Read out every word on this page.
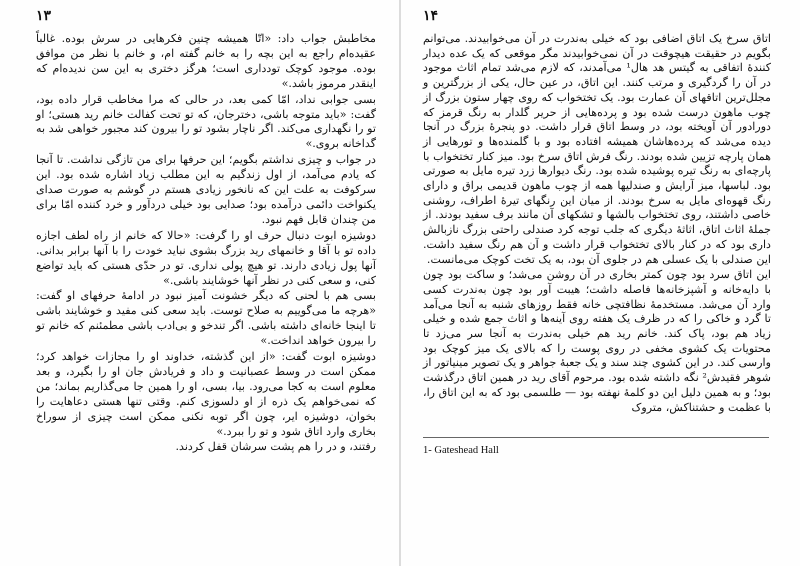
۱۳

مخاطبش جواب داد: «اتّا همیشه چنین فکرهایی در سرش بوده. غالباً عقیده‌ام راجع به این بچه را به خانم گفته ام، و خانم با نظر من موافق بوده. موجود کوچک تودداری است؛ هرگز دختری به این سن ندیده‌ام که اینقدر مرموز باشد.»

بسی جوابی نداد، امّا کمی بعد، در حالی که مرا مخاطب قرار داده بود، گفت: «باید متوجه باشی، دخترجان، که تو تحت کفالت خانم رید هستی؛ او تو را نگهداری می‌کند. اگر ناچار بشود تو را بیرون کند مجبور خواهی شد به گداخانه بروی.»

در جواب و چیزی نداشتم بگویم؛ این حرفها برای من تازگی نداشت. تا آنجا که یادم می‌آمد، از اول زندگیم به این مطلب زیاد اشاره شده بود. این سرکوفت به علت این که نا‌نخور زیادی هستم در گوشم به صورت صدای یکنواخت دائمی درآمده بود؛ صدایی بود خیلی دردآور و خرد کننده امّا برای من چندان قابل فهم نبود.

دوشیزه ابوت دنبال حرف او را گرفت: «حالا که خانم از راه لطف اجازه داده تو با آقا و خانمهای رید بزرگ بشوی نباید خودت را با آنها برابر بدانی. آنها پول زیادی دارند. تو هیچ پولی نداری. تو در حدّی هستی که باید تواضع کنی، و سعی کنی در نظر آنها خوشایند باشی.»

بسی هم با لحنی که دیگر خشونت آمیز نبود در ادامهٔ حرفهای او گفت: «هرچه ما می‌گوییم به صلاح توست. باید سعی کنی مفید و خوشایند باشی تا اینجا خانه‌ای داشته باشی. اگر تندخو و بی‌ادب باشی مطمئنم که خانم تو را بیرون خواهد انداخت.»

دوشیزه ابوت گفت: «از این گذشته، خداوند او را مجازات خواهد کرد؛ ممکن است در وسط عصبانیت و داد و فریادش جان او را بگیرد، و بعد معلوم است به کجا می‌رود. بیا، بسی، او را همین جا می‌گذاریم بماند؛ من که نمی‌خواهم یک ذره از او دلسوزی کنم. وقتی تنها هستی دعاهایت را بخوان، دوشیزه ایر، چون اگر توبه نکنی ممکن است چیزی از سوراخ بخاری وارد اتاق شود و تو را ببرد.»

رفتند، و در را هم پشت سرشان قفل کردند.

۱۴

اتاق سرخ یک اتاق اضافی بود که خیلی به‌ندرت در آن می‌خوابیدند. می‌توانم بگویم در حقیقت هیچوقت در آن نمی‌خوابیدند مگر موقعی که یک عده دیدار کنندهٔ اتفاقی به گیتس هد هال¹ می‌آمدند، که لازم می‌شد تمام اثاث موجود در آن را گردگیری و مرتب کنند. این اتاق، در عین حال، یکی از بزرگترین و مجلل‌ترین اتاقهای آن عمارت بود. یک تختخواب که روی چهار ستون بزرگ از چوب ماهون درست شده بود و پرده‌هایی از حریر گلدار به رنگ قرمز که دورادور آن آویخته بود، در وسط اتاق قرار داشت. دو پنجرهٔ بزرگ در آنجا دیده می‌شد که پرده‌هاشان همیشه افتاده بود و با گلمنده‌ها و تورهایی از همان پارچه تزیین شده بودند. رنگ فرش اتاق سرخ بود. میز کنار تختخواب با پارچه‌ای به رنگ تیره پوشیده شده بود. رنگ دیوارها زرد تیره مایل به صورتی بود. لباسها، میز آرایش و صندلیها همه از چوب ماهون قدیمی براق و دارای رنگ قهوه‌ای مایل به سرخ بودند. از میان این رنگهای تیرهٔ اطراف، روشنی خاصی داشتند، روی تختخواب بالشها و تشکهای آن مانند برف سفید بودند. از جملهٔ اثاث اتاق، اثاثهٔ دیگری که جلب توجه کرد صندلی راحتی بزرگ نازبالش داری بود که در کنار بالای تختخواب قرار داشت و آن هم رنگ سفید داشت. این صندلی با یک عسلی هم در جلوی آن بود، به یک تخت کوچک می‌مانست.

این اتاق سرد بود چون کمتر بخاری در آن روشن می‌شد؛ و ساکت بود چون با دایه‌خانه و آشپزخانه‌ها فاصله داشت؛ هیبت آور بود چون به‌ندرت کسی وارد آن می‌شد. مستخدمهٔ نظافتچی خانه فقط روزهای شنبه به آنجا می‌آمد تا گرد و خاکی را که در ظرف یک هفته روی آینه‌ها و اثاث جمع شده و خیلی زیاد هم بود، پاک کند. خانم رید هم خیلی به‌ندرت به آنجا سر می‌زد تا محتویات یک کشوی مخفی در روی پوست را که بالای یک میز کوچک بود وارسی کند. در این کشوی چند سند و یک جعبهٔ جواهر و یک تصویر مینیاتور از شوهر فقیدش² نگه داشته شده بود. مرحوم آقای رید در همین اتاق درگذشت بود؛ و به همین دلیل این دو کلمهٔ نهفته بود — طلسمی بود که به این اتاق را، با عظمت و حشتناکش، متروک

1- Gateshead Hall
